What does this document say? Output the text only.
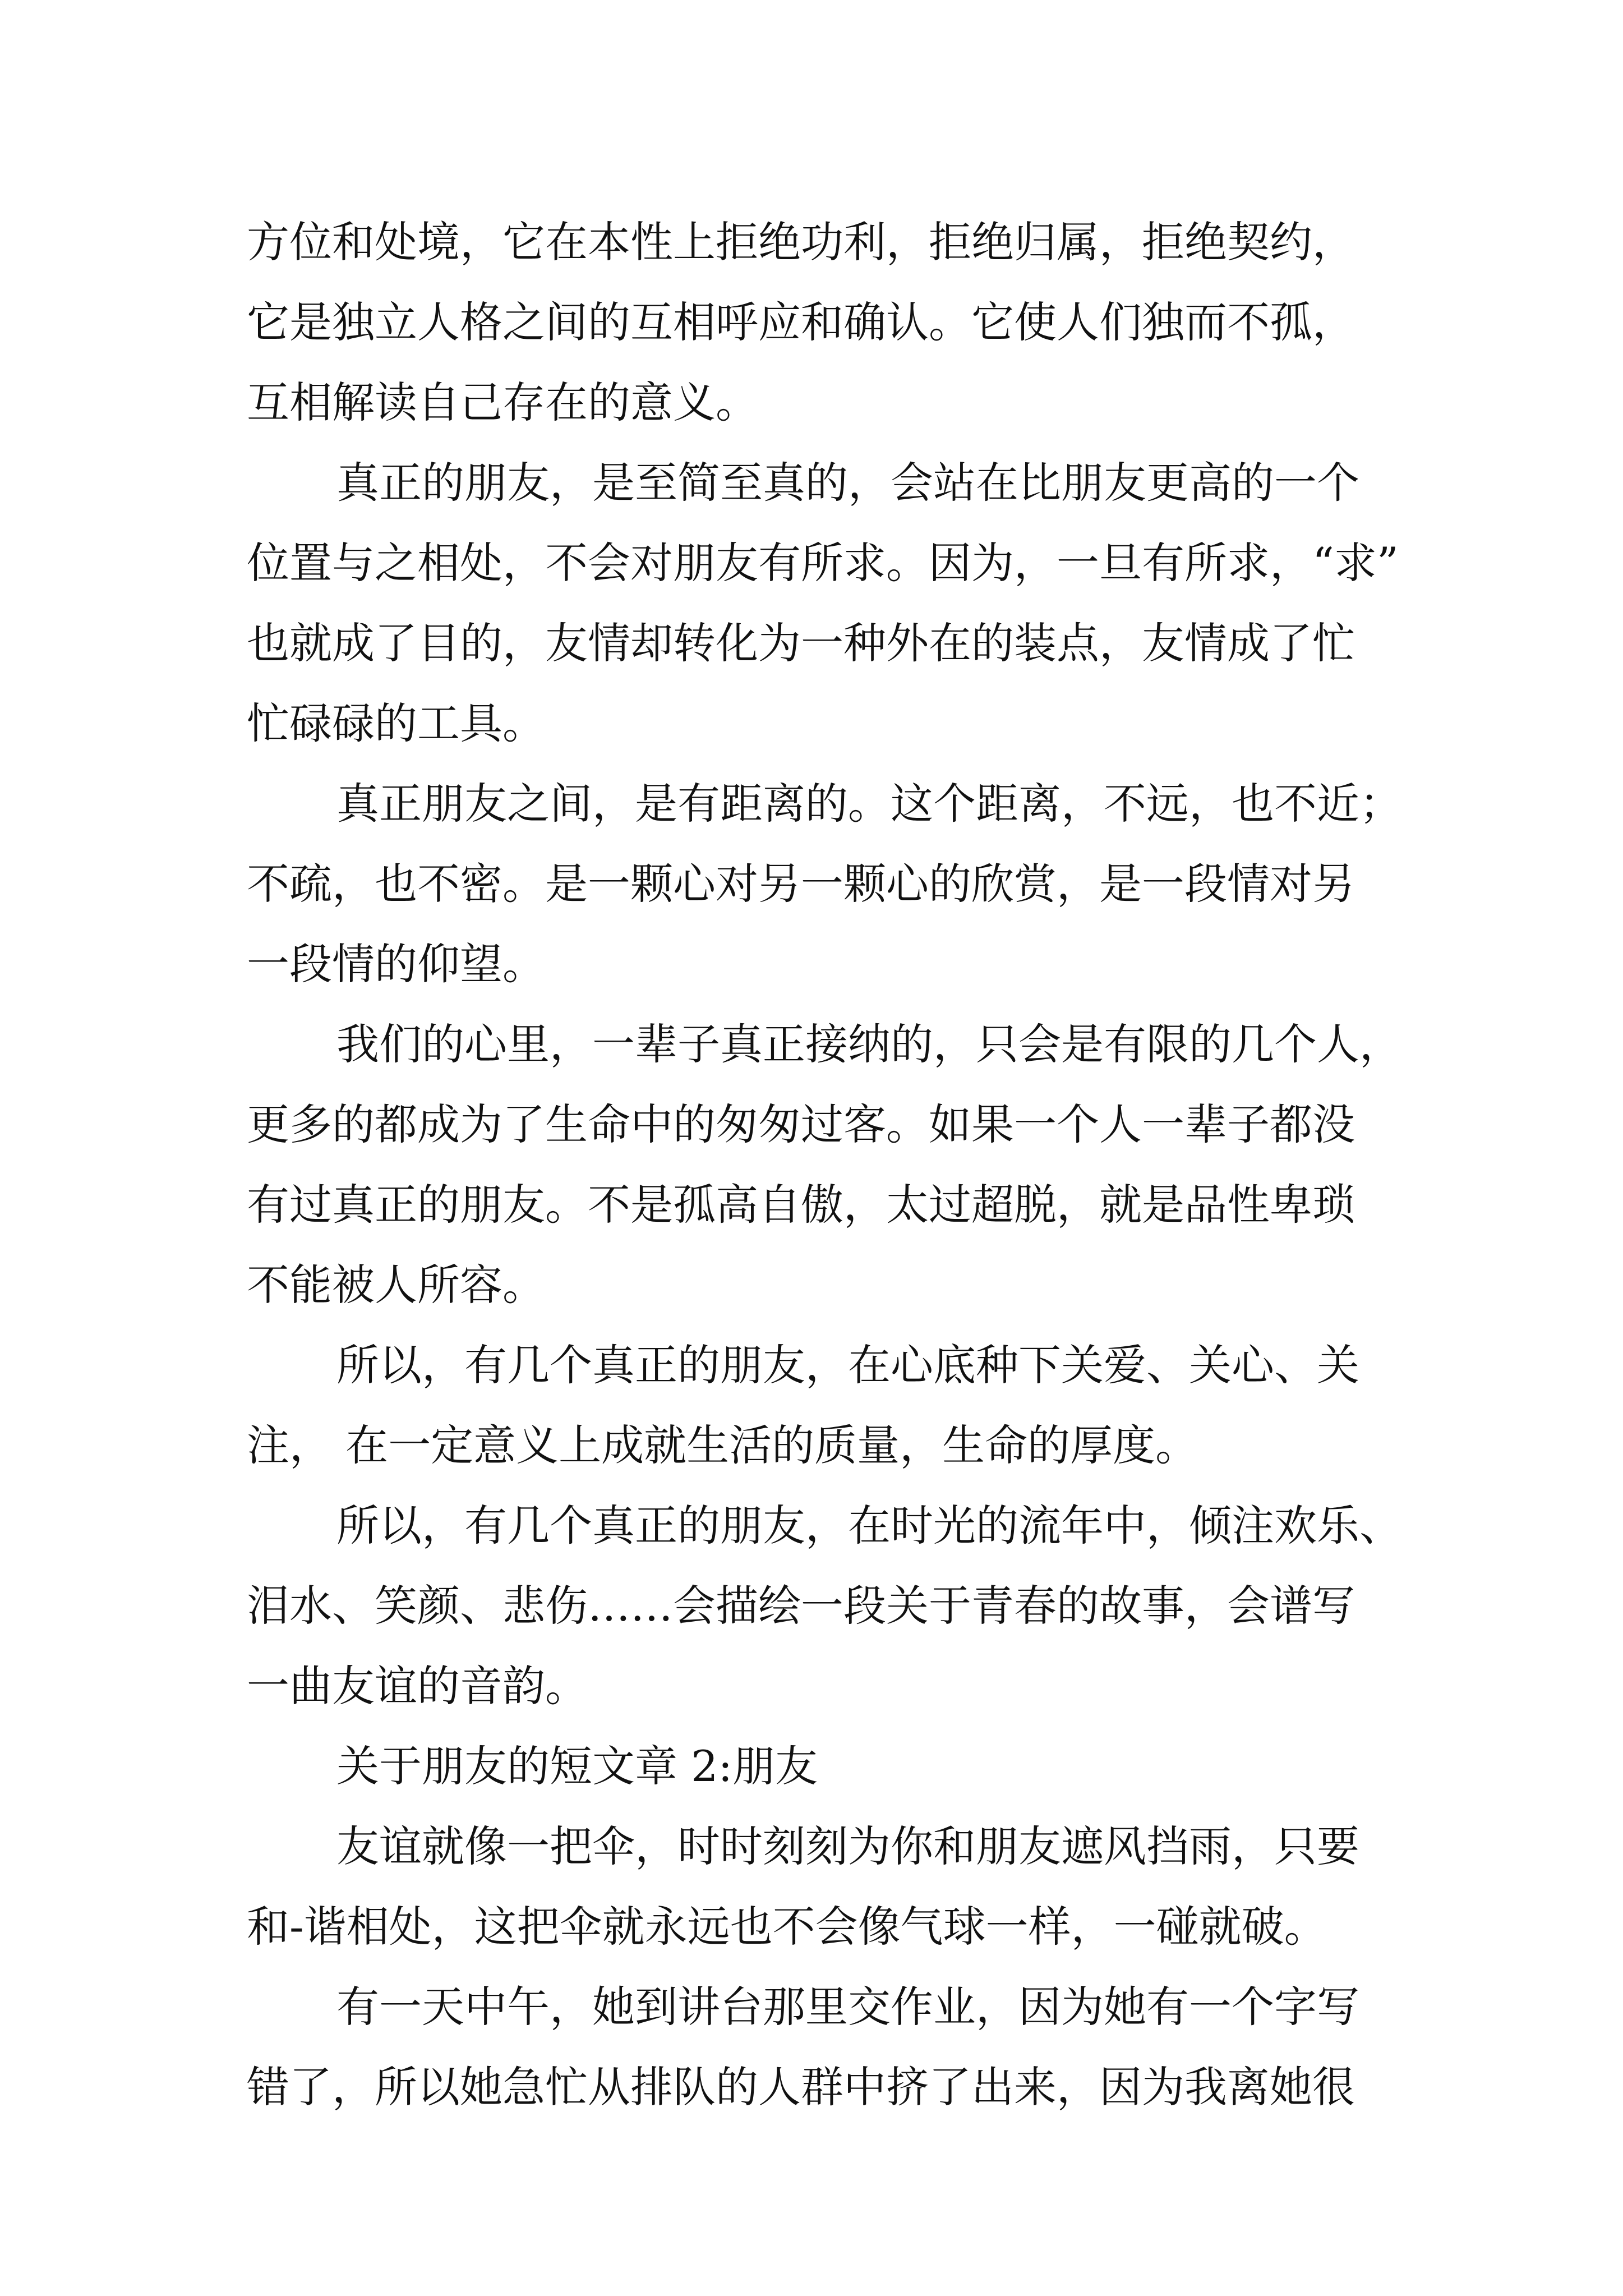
方位和处境，它在本性上拒绝功利，拒绝归属，拒绝契约，
它是独立人格之间的互相呼应和确认。它使人们独而不孤，
互相解读自己存在的意义。
真正的朋友，是至简至真的，会站在比朋友更高的一个
位置与之相处，不会对朋友有所求。因为，一旦有所求，“求”
也就成了目的，友情却转化为一种外在的装点，友情成了忙
忙碌碌的工具。
真正朋友之间，是有距离的。这个距离，不远，也不近；
不疏，也不密。是一颗心对另一颗心的欣赏，是一段情对另
一段情的仰望。
我们的心里，一辈子真正接纳的，只会是有限的几个人，
更多的都成为了生命中的匆匆过客。如果一个人一辈子都没
有过真正的朋友。不是孤高自傲，太过超脱，就是品性卑琐
不能被人所容。
所以，有几个真正的朋友，在心底种下关爱、关心、关
注， 在一定意义上成就生活的质量，生命的厚度。
所以，有几个真正的朋友，在时光的流年中，倾注欢乐、
泪水、笑颜、悲伤……会描绘一段关于青春的故事，会谱写
一曲友谊的音韵。
关于朋友的短文章 2:朋友
友谊就像一把伞，时时刻刻为你和朋友遮风挡雨，只要
和-谐相处，这把伞就永远也不会像气球一样，一碰就破。
有一天中午，她到讲台那里交作业，因为她有一个字写
错了，所以她急忙从排队的人群中挤了出来，因为我离她很
